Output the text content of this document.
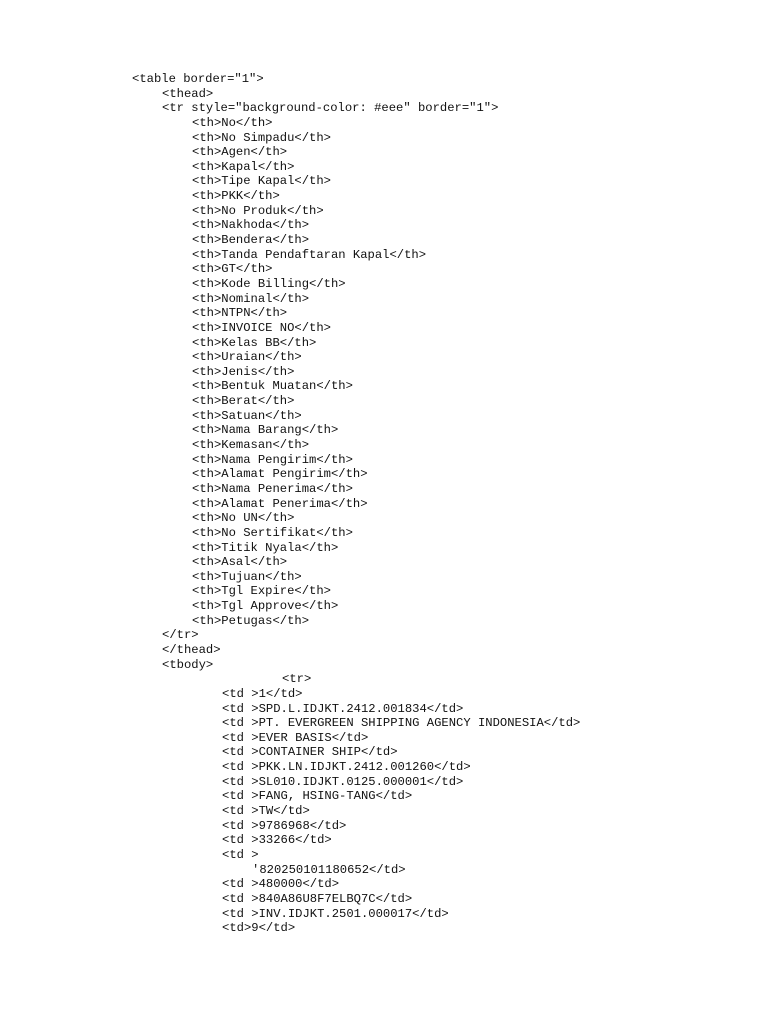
<table border="1">
<thead>
<tr style="background-color: #eee" border="1">
<th>No</th>
<th>No Simpadu</th>
<th>Agen</th>
<th>Kapal</th>
<th>Tipe Kapal</th>
<th>PKK</th>
<th>No Produk</th>
<th>Nakhoda</th>
<th>Bendera</th>
<th>Tanda Pendaftaran Kapal</th>
<th>GT</th>
<th>Kode Billing</th>
<th>Nominal</th>
<th>NTPN</th>
<th>INVOICE NO</th>
<th>Kelas BB</th>
<th>Uraian</th>
<th>Jenis</th>
<th>Bentuk Muatan</th>
<th>Berat</th>
<th>Satuan</th>
<th>Nama Barang</th>
<th>Kemasan</th>
<th>Nama Pengirim</th>
<th>Alamat Pengirim</th>
<th>Nama Penerima</th>
<th>Alamat Penerima</th>
<th>No UN</th>
<th>No Sertifikat</th>
<th>Titik Nyala</th>
<th>Asal</th>
<th>Tujuan</th>
<th>Tgl Expire</th>
<th>Tgl Approve</th>
<th>Petugas</th>
</tr>
</thead>
<tbody>
<tr>
<td >1</td>
<td >SPD.L.IDJKT.2412.001834</td>
<td >PT. EVERGREEN SHIPPING AGENCY INDONESIA</td>
<td >EVER BASIS</td>
<td >CONTAINER SHIP</td>
<td >PKK.LN.IDJKT.2412.001260</td>
<td >SL010.IDJKT.0125.000001</td>
<td >FANG, HSING-TANG</td>
<td >TW</td>
<td >9786968</td>
<td >33266</td>
<td >
'820250101180652</td>
<td >480000</td>
<td >840A86U8F7ELBQ7C</td>
<td >INV.IDJKT.2501.000017</td>
<td>9</td>
